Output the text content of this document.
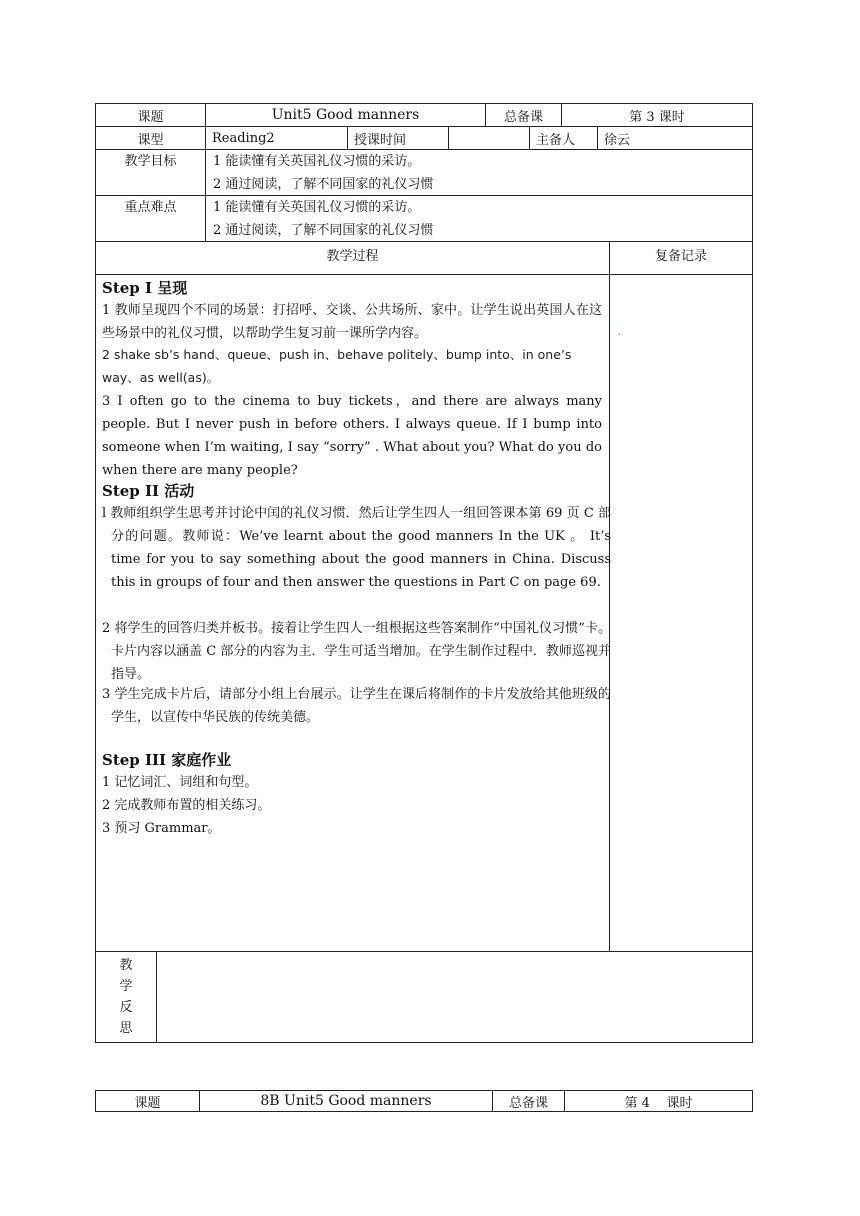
课题	Unit5 Good manners	总备课	第 3 课时
课型	Reading2	授课时间	主备人	徐云
教学目标	1 能读懂有关英国礼仪习惯的采访。
2 通过阅读，了解不同国家的礼仪习惯
重点难点	1 能读懂有关英国礼仪习惯的采访。
2 通过阅读，了解不同国家的礼仪习惯
教学过程	复备记录
.
Step I 呈现
1 教师呈现四个不同的场景：打招呼、交谈、公共场所、家中。让学生说出英国人在这些场景中的礼仪习惯，以帮助学生复习前一课所学内容。
2 shake sb’s hand、queue、push in、behave politely、bump into、in one’s way、as well(as)。
3 I often go to the cinema to buy tickets，and there are always many people. But I never push in before others. I always queue. If I bump into someone when I’m waiting, I say “sorry” . What about you? What do you do when there are many people?
Step II 活动
l 教师组织学生思考并讨论中闰的礼仪习惯．然后让学生四人一组回答课本第 69 页 C 部分的问题。教师说：We’ve learnt about the good manners In the UK 。 It’s time for you to say something about the good manners in China. Discuss this in groups of four and then answer the questions in Part C on page 69.
2 将学生的回答归类并板书。接着让学生四人一组根据这些答案制作“中国礼仪习惯”卡。卡片内容以涵盖 C 部分的内容为主．学生可适当增加。在学生制作过程中．教师巡视并指导。
3 学生完成卡片后，请部分小组上台展示。让学生在课后将制作的卡片发放给其他班级的学生，以宣传中华民族的传统美德。
Step III 家庭作业
1 记忆词汇、词组和句型。
2 完成教师布置的相关练习。
3 预习 Grammar。
教
学
反
思
课题	8B Unit5 Good manners	总备课	第 4    课时
